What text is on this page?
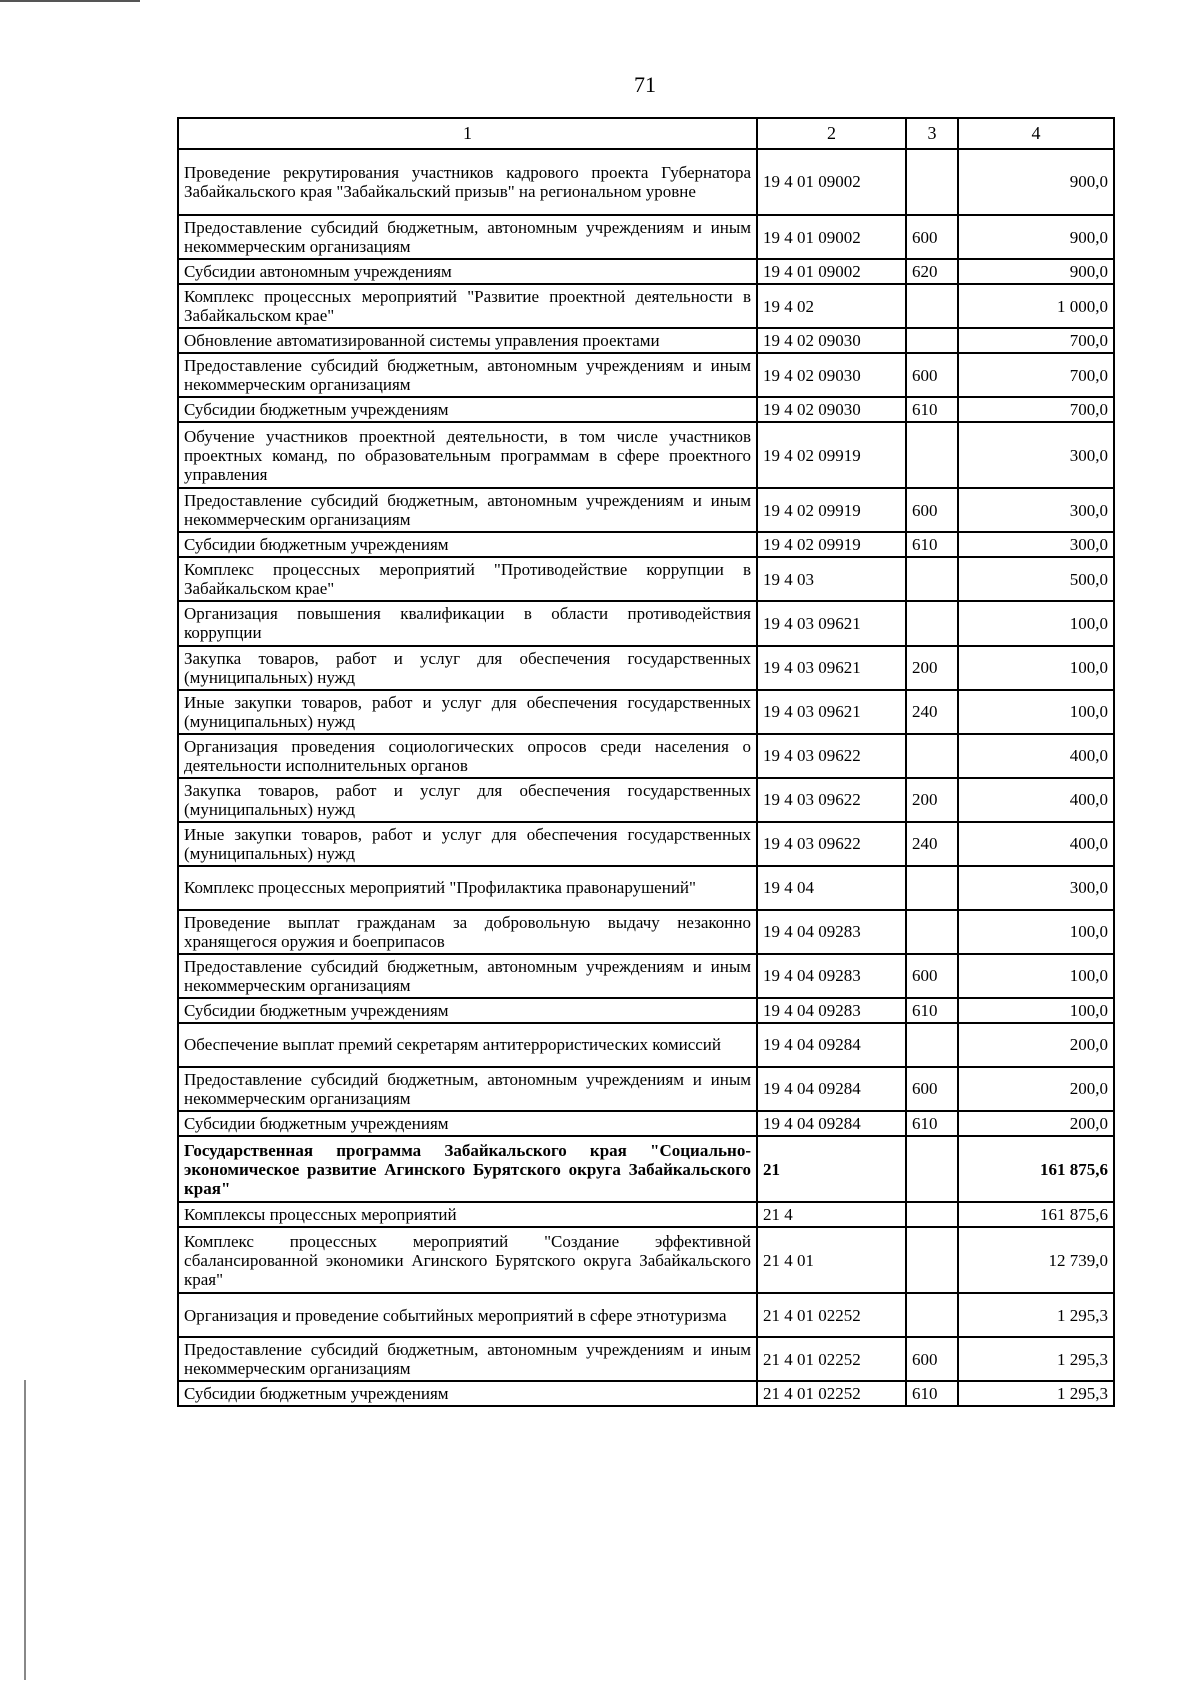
71
1	2	3	4
Проведение рекрутирования участников кадрового проекта Губернатора Забайкальского края "Забайкальский призыв" на региональном уровне	19 4 01 09002		900,0
Предоставление субсидий бюджетным, автономным учреждениям и иным некоммерческим организациям	19 4 01 09002	600	900,0
Субсидии автономным учреждениям	19 4 01 09002	620	900,0
Комплекс процессных мероприятий "Развитие проектной деятельности в Забайкальском крае"	19 4 02		1 000,0
Обновление автоматизированной системы управления проектами	19 4 02 09030		700,0
Предоставление субсидий бюджетным, автономным учреждениям и иным некоммерческим организациям	19 4 02 09030	600	700,0
Субсидии бюджетным учреждениям	19 4 02 09030	610	700,0
Обучение участников проектной деятельности, в том числе участников проектных команд, по образовательным программам в сфере проектного управления	19 4 02 09919		300,0
Предоставление субсидий бюджетным, автономным учреждениям и иным некоммерческим организациям	19 4 02 09919	600	300,0
Субсидии бюджетным учреждениям	19 4 02 09919	610	300,0
Комплекс процессных мероприятий "Противодействие коррупции в Забайкальском крае"	19 4 03		500,0
Организация повышения квалификации в области противодействия коррупции	19 4 03 09621		100,0
Закупка товаров, работ и услуг для обеспечения государственных (муниципальных) нужд	19 4 03 09621	200	100,0
Иные закупки товаров, работ и услуг для обеспечения государственных (муниципальных) нужд	19 4 03 09621	240	100,0
Организация проведения социологических опросов среди населения о деятельности исполнительных органов	19 4 03 09622		400,0
Закупка товаров, работ и услуг для обеспечения государственных (муниципальных) нужд	19 4 03 09622	200	400,0
Иные закупки товаров, работ и услуг для обеспечения государственных (муниципальных) нужд	19 4 03 09622	240	400,0
Комплекс процессных мероприятий "Профилактика правонарушений"	19 4 04		300,0
Проведение выплат гражданам за добровольную выдачу незаконно хранящегося оружия и боеприпасов	19 4 04 09283		100,0
Предоставление субсидий бюджетным, автономным учреждениям и иным некоммерческим организациям	19 4 04 09283	600	100,0
Субсидии бюджетным учреждениям	19 4 04 09283	610	100,0
Обеспечение выплат премий секретарям антитеррористических комиссий	19 4 04 09284		200,0
Предоставление субсидий бюджетным, автономным учреждениям и иным некоммерческим организациям	19 4 04 09284	600	200,0
Субсидии бюджетным учреждениям	19 4 04 09284	610	200,0
Государственная программа Забайкальского края "Социально-экономическое развитие Агинского Бурятского округа Забайкальского края"	21		161 875,6
Комплексы процессных мероприятий	21 4		161 875,6
Комплекс процессных мероприятий "Создание эффективной сбалансированной экономики Агинского Бурятского округа Забайкальского края"	21 4 01		12 739,0
Организация и проведение событийных мероприятий в сфере этнотуризма	21 4 01 02252		1 295,3
Предоставление субсидий бюджетным, автономным учреждениям и иным некоммерческим организациям	21 4 01 02252	600	1 295,3
Субсидии бюджетным учреждениям	21 4 01 02252	610	1 295,3
